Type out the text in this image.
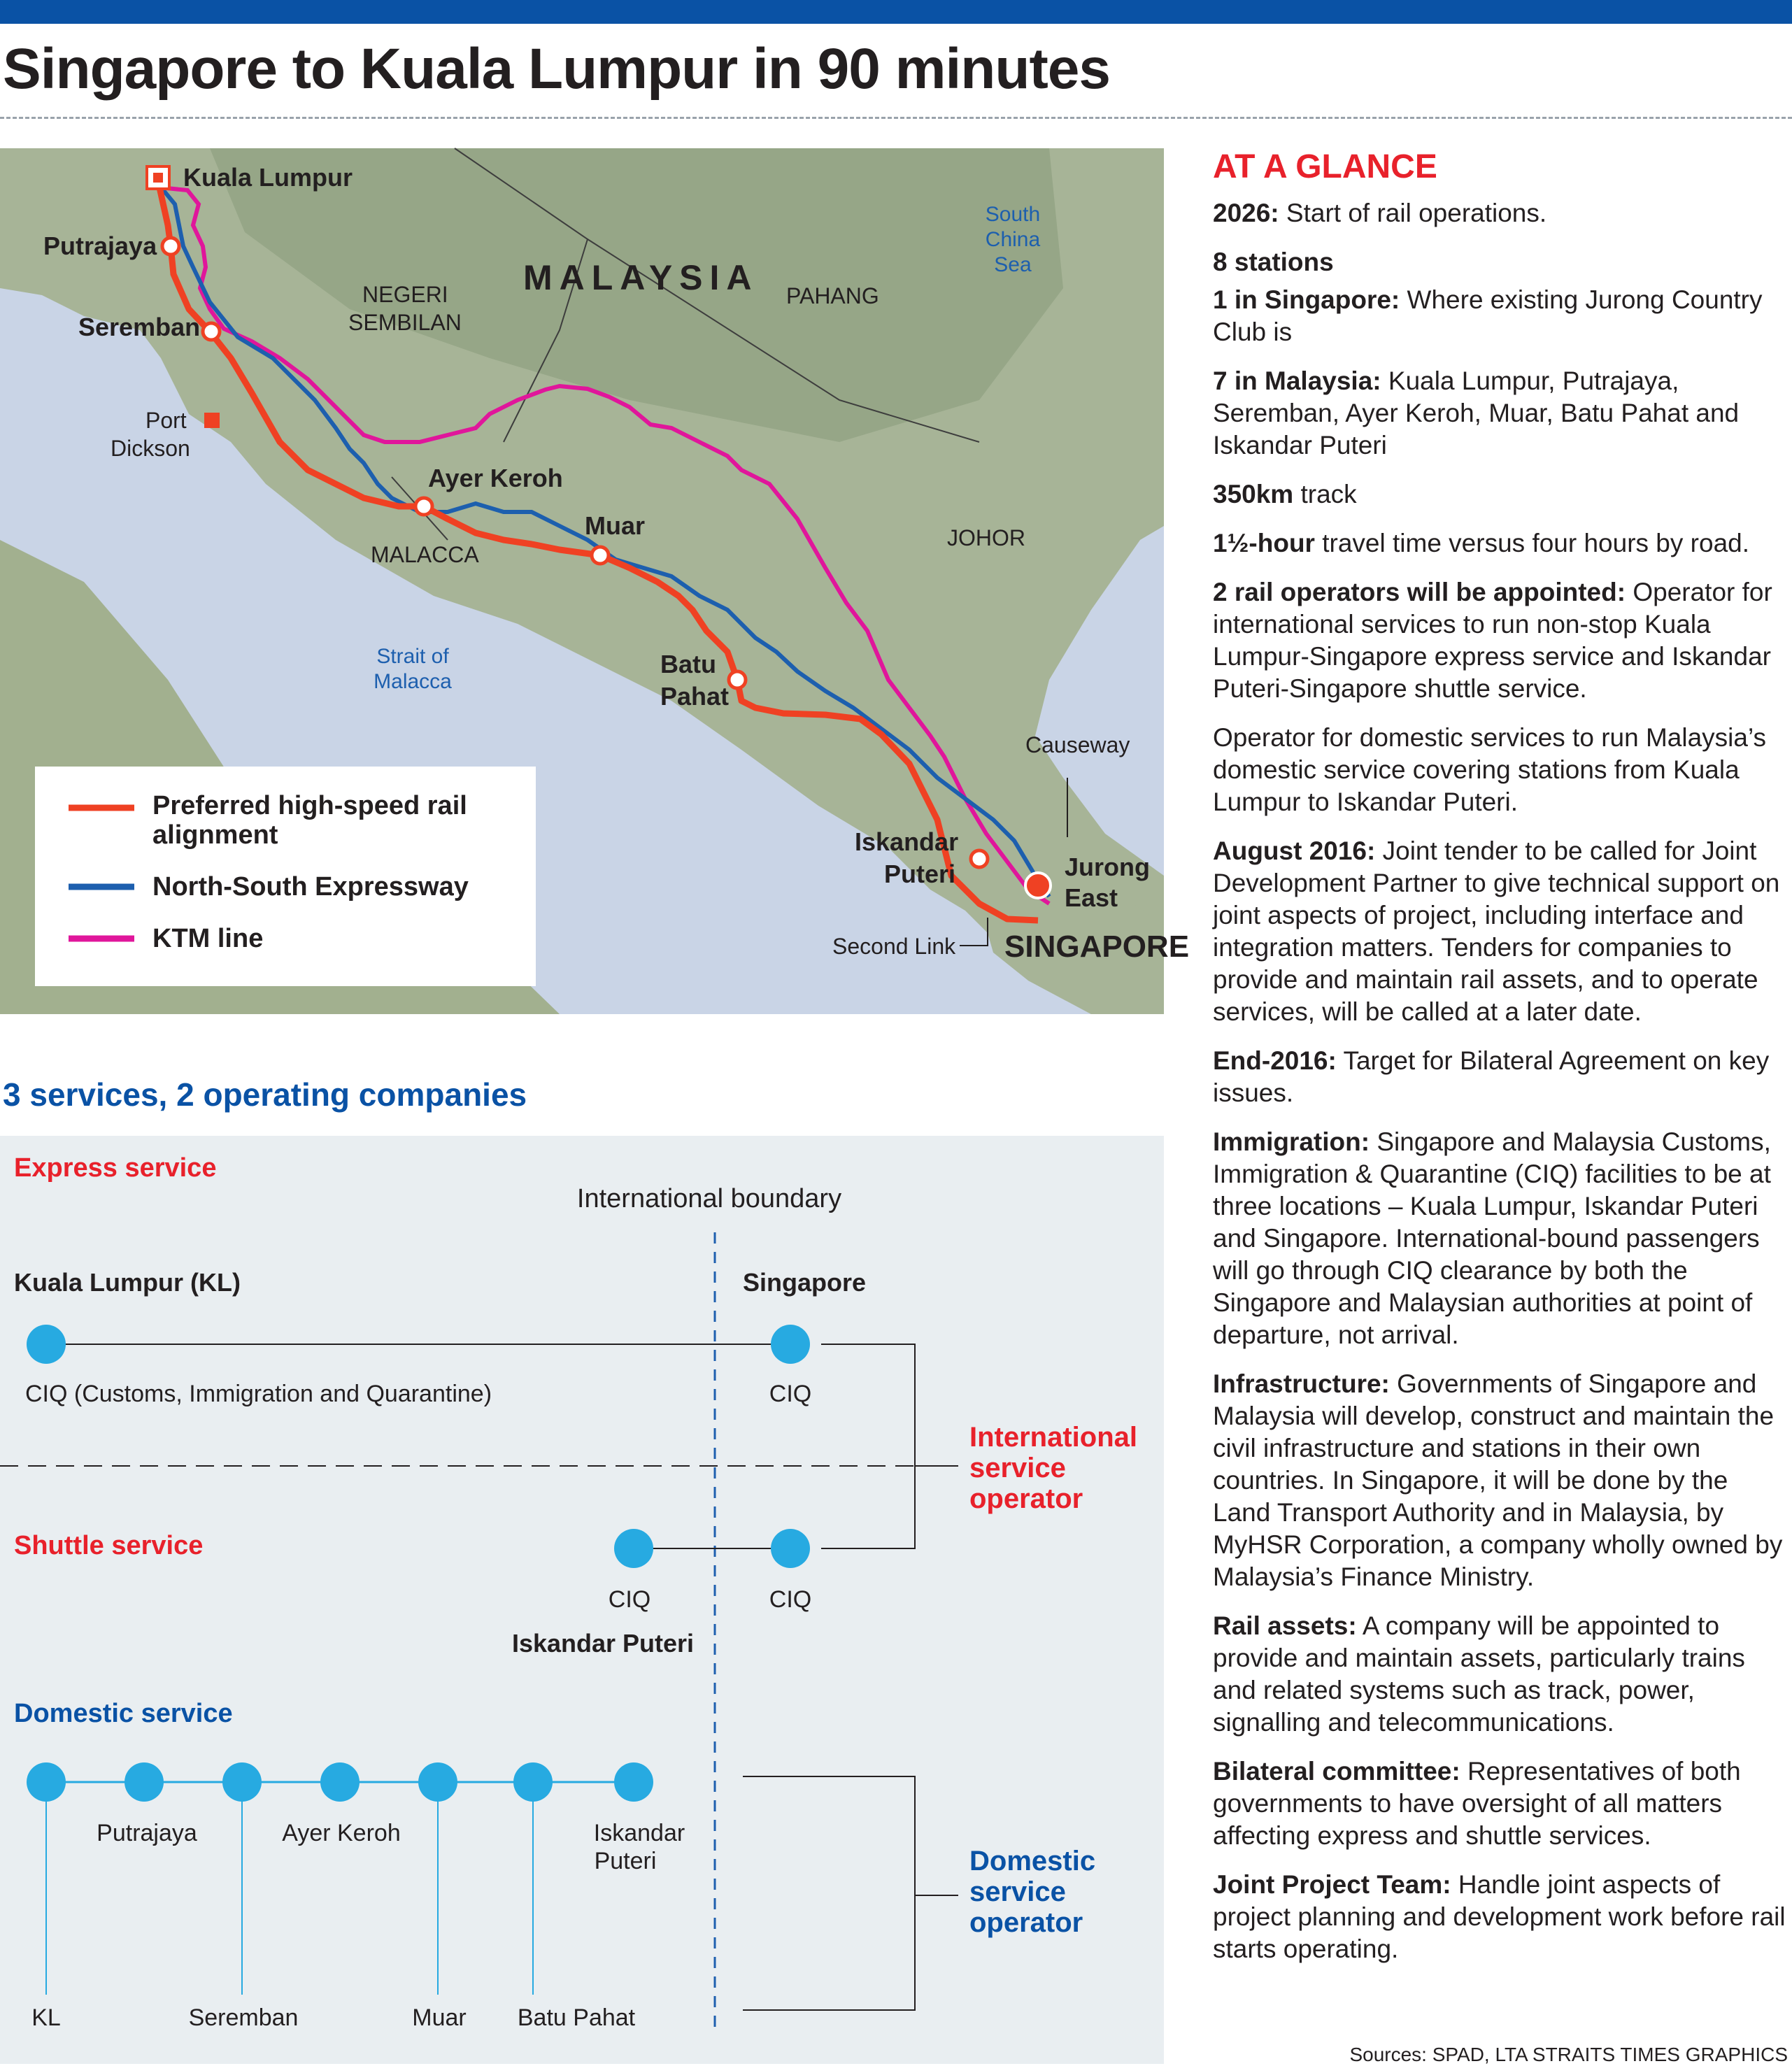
Singapore to Kuala Lumpur in 90 minutes
Kuala Lumpur
Putrajaya
Seremban
Ayer Keroh
Muar
Batu
Pahat
Iskandar
Puteri	Jurong
East
Port
Dickson
Causeway
Second Link
NEGERI
SEMBILAN
PAHANG
MALACCA
JOHOR
MALAYSIA
SINGAPORE
South
China
Sea
Strait of
Malacca
Preferred high-speed rail
alignment
North-South Expressway
KTM line
AT A GLANCE

2026: Start of rail operations.

8 stations

1 in Singapore: Where existing Jurong Country Club is

7 in Malaysia: Kuala Lumpur, Putrajaya, Seremban, Ayer Keroh, Muar, Batu Pahat and Iskandar Puteri

350km track

1½-hour travel time versus four hours by road.

2 rail operators will be appointed: Operator for international services to run non-stop Kuala Lumpur-Singapore express service and Iskandar Puteri-Singapore shuttle service.

Operator for domestic services to run Malaysia’s domestic service covering stations from Kuala Lumpur to Iskandar Puteri.

August 2016: Joint tender to be called for Joint Development Partner to give technical support on joint aspects of project, including interface and integration matters. Tenders for companies to provide and maintain rail assets, and to operate services, will be called at a later date.

End-2016: Target for Bilateral Agreement on key issues.

Immigration: Singapore and Malaysia Customs, Immigration & Quarantine (CIQ) facilities to be at three locations – Kuala Lumpur, Iskandar Puteri and Singapore. International-bound passengers will go through CIQ clearance by both the Singapore and Malaysian authorities at point of departure, not arrival.

Infrastructure: Governments of Singapore and Malaysia will develop, construct and maintain the civil infrastructure and stations in their own countries. In Singapore, it will be done by the Land Transport Authority and in Malaysia, by MyHSR Corporation, a company wholly owned by Malaysia’s Finance Ministry.

Rail assets: A company will be appointed to provide and maintain assets, particularly trains and related systems such as track, power, signalling and telecommunications.

Bilateral committee: Representatives of both governments to have oversight of all matters affecting express and shuttle services.

Joint Project Team: Handle joint aspects of project planning and development work before rail starts operating.

3 services, 2 operating companies
Express service
Shuttle service
Domestic service
International boundary
Kuala Lumpur (KL)	Singapore
CIQ (Customs, Immigration and Quarantine)	CIQ
CIQ	CIQ
Iskandar Puteri
International
service
operator
Putrajaya	Ayer Keroh	Iskandar
Puteri
KL	Seremban	Muar Batu Pahat
Domestic
service
operator
Sources: SPAD, LTA STRAITS TIMES GRAPHICS
